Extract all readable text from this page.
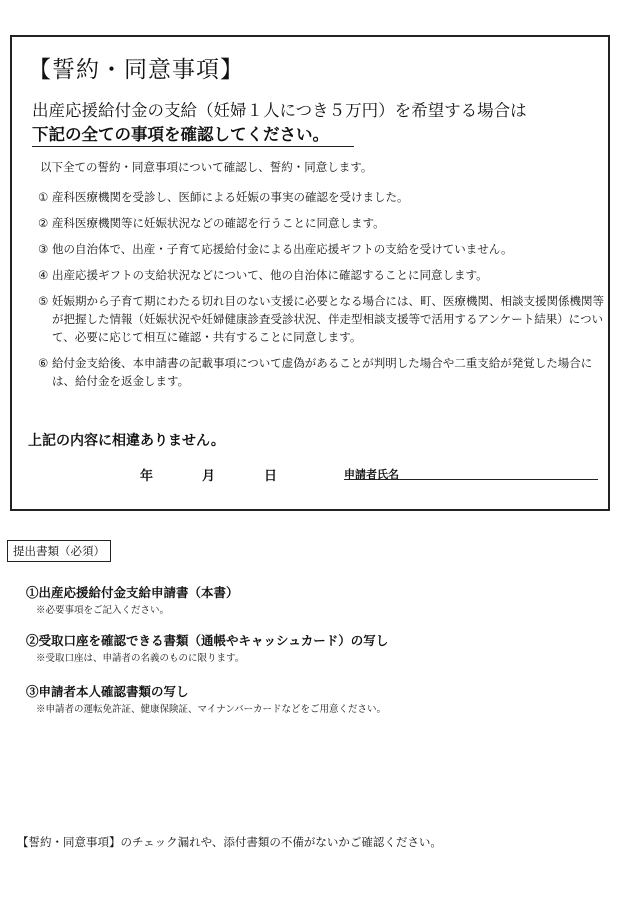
【誓約・同意事項】
出産応援給付金の支給（妊婦１人につき５万円）を希望する場合は
下記の全ての事項を確認してください。
以下全ての誓約・同意事項について確認し、誓約・同意します。
① 産科医療機関を受診し、医師による妊娠の事実の確認を受けました。
② 産科医療機関等に妊娠状況などの確認を行うことに同意します。
③ 他の自治体で、出産・子育て応援給付金による出産応援ギフトの支給を受けていません。
④ 出産応援ギフトの支給状況などについて、他の自治体に確認することに同意します。
⑤ 妊娠期から子育て期にわたる切れ目のない支援に必要となる場合には、町、医療機関、相談支援関係機関等が把握した情報（妊娠状況や妊婦健康診査受診状況、伴走型相談支援等で活用するアンケート結果）について、必要に応じて相互に確認・共有することに同意します。
⑥ 給付金支給後、本申請書の記載事項について虚偽があることが判明した場合や二重支給が発覚した場合には、給付金を返金します。
上記の内容に相違ありません。
年	月	日	申請者氏名
提出書類（必須）
①出産応援給付金支給申請書（本書）
※必要事項をご記入ください。
②受取口座を確認できる書類（通帳やキャッシュカード）の写し
※受取口座は、申請者の名義のものに限ります。
③申請者本人確認書類の写し
※申請者の運転免許証、健康保険証、マイナンバーカードなどをご用意ください。
【誓約・同意事項】のチェック漏れや、添付書類の不備がないかご確認ください。
